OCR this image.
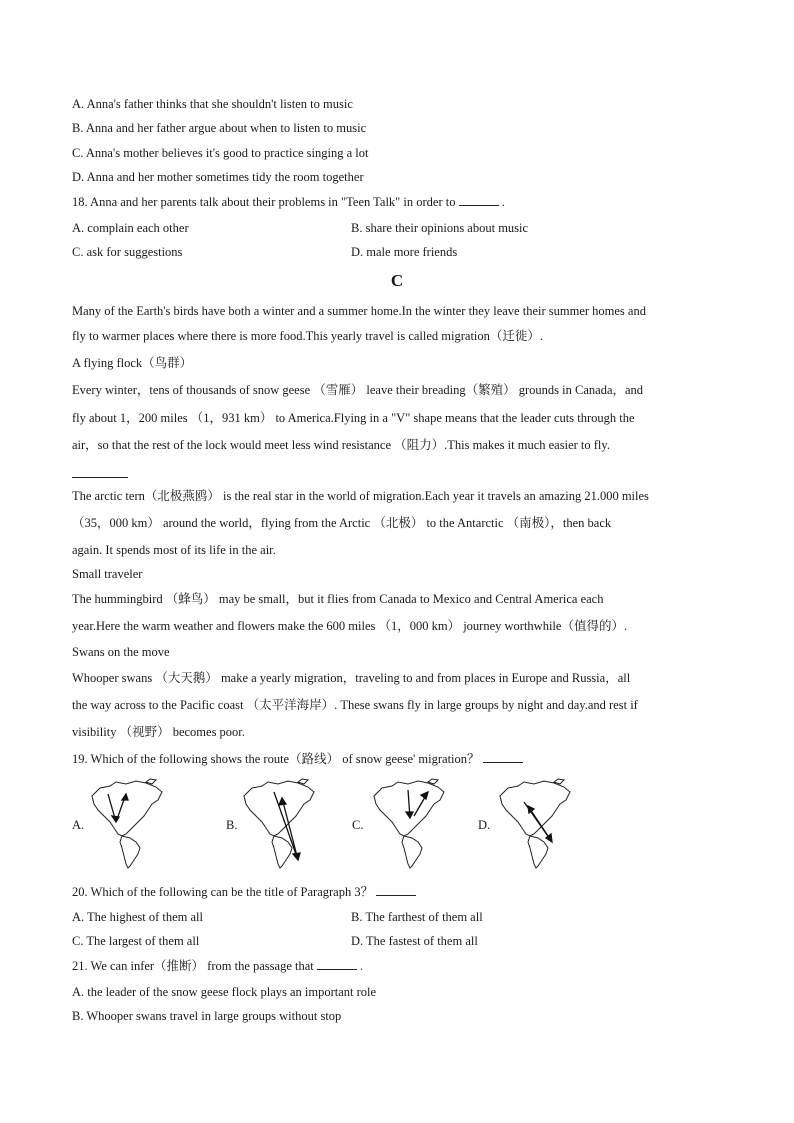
A. Anna's father thinks that she shouldn't listen to music
B. Anna and her father argue about when to listen to music
C. Anna's mother believes it's good to practice singing a lot
D. Anna and her mother sometimes tidy the room together
18. Anna and her parents talk about their problems in "Teen Talk" in order to	.
A. complain each other	B. share their opinions about music
C. ask for suggestions	D. male more friends
C
Many of the Earth's birds have both a winter and a summer home.In the winter they leave their summer homes and
fly to warmer places where there is more food.This yearly travel is called migration（迁徙）.
A flying flock（鸟群）
Every winter，tens of thousands of snow geese （雪雁） leave their breading（繁殖） grounds in Canada，and
fly about 1，200 miles （1，931 km） to America.Flying in a "V" shape means that the leader cuts through the
air，so that the rest of the lock would meet less wind resistance （阻力）.This makes it much easier to fly.
The arctic tern（北极燕鸥） is the real star in the world of migration.Each year it travels an amazing 21.000 miles
（35，000 km） around the world，flying from the Arctic （北极） to the Antarctic （南极），then back
again. It spends most of its life in the air.
Small traveler
The hummingbird （蜂鸟） may be small，but it flies from Canada to Mexico and Central America each
year.Here the warm weather and flowers make the 600 miles （1，000 km） journey worthwhile（值得的）.
Swans on the move
Whooper swans （大天鹅） make a yearly migration，traveling to and from places in Europe and Russia，all
the way across to the Pacific coast （太平洋海岸）. These swans fly in large groups by night and day.and rest if
visibility （视野） becomes poor.
19. Which of the following shows the route（路线） of snow geese' migration？
A.	B.	C.	D.
20. Which of the following can be the title of Paragraph 3？
A. The highest of them all	B. The farthest of them all
C. The largest of them all	D. The fastest of them all
21. We can infer（推断） from the passage that	.
A. the leader of the snow geese flock plays an important role
B. Whooper swans travel in large groups without stop
